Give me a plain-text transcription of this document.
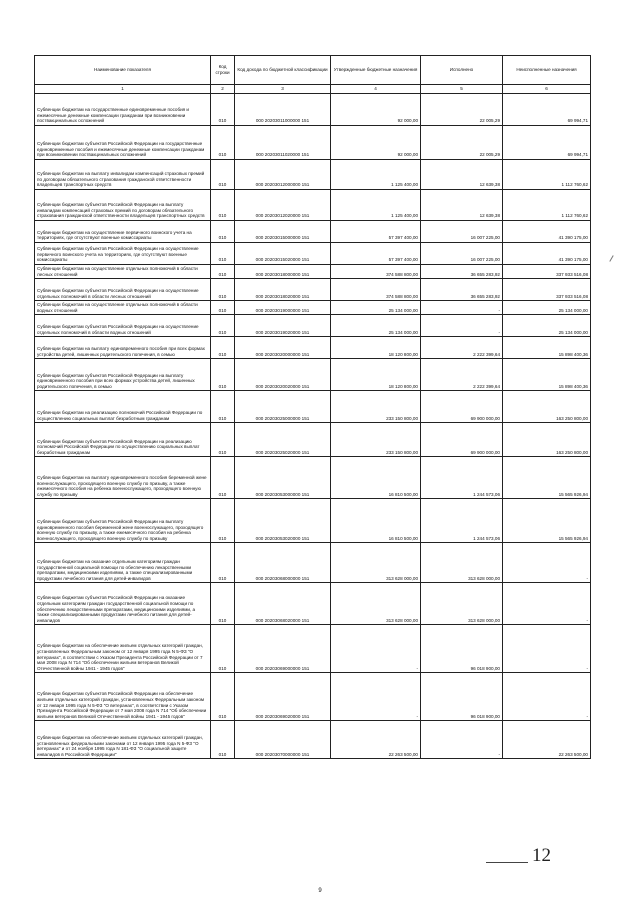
Наименование показателя	Код строки	Код дохода по бюджетной классификации	Утвержденные бюджетные назначения	Исполнено	Неисполненные назначения
1	2	3	4	5	6
Субвенции бюджетам на государственные единовременные пособия и ежемесячные денежные компенсации гражданам при возникновении поствакцинальных осложнений	010	000 20203011000000 151	92 000,00	22 005,29	69 994,71
Субвенции бюджетам субъектов Российской Федерации на государственные единовременные пособия и ежемесячные денежные компенсации гражданам при возникновении поствакцинальных осложнений	010	000 20203011020000 151	92 000,00	22 005,29	69 994,71
Субвенции бюджетам на выплату инвалидам компенсаций страховых премий по договорам обязательного страхования гражданской ответственности владельцев транспортных средств	010	000 20203012000000 151	1 125 400,00	12 639,38	1 112 760,62
Субвенции бюджетам субъектов Российской Федерации на выплату инвалидам компенсаций страховых премий по договорам обязательного страхования гражданской ответственности владельцев транспортных средств	010	000 20203012020000 151	1 125 400,00	12 639,38	1 112 760,62
Субвенции бюджетам на осуществление первичного воинского учета на территориях, где отсутствуют военные комиссариаты	010	000 20203015000000 151	57 397 400,00	16 007 225,00	41 390 175,00
Субвенции бюджетам субъектов Российской Федерации на осуществление первичного воинского учета на территориях, где отсутствуют военные комиссариаты	010	000 20203015020000 151	57 397 400,00	16 007 225,00	41 390 175,00
Субвенции бюджетам на осуществление отдельных полномочий в области лесных отношений	010	000 20203018000000 151	374 588 800,00	36 655 283,92	337 933 516,08
Субвенции бюджетам субъектов Российской Федерации на осуществление отдельных полномочий в области лесных отношений	010	000 20203018020000 151	374 588 800,00	36 655 283,92	337 933 516,08
Субвенции бюджетам на осуществление отдельных полномочий в области водных отношений	010	000 20203019000000 151	25 134 000,00	-	25 134 000,00
Субвенции бюджетам субъектов Российской Федерации на осуществление отдельных полномочий в области водных отношений	010	000 20203019020000 151	25 134 000,00	-	25 134 000,00
Субвенции бюджетам на выплату единовременного пособия при всех формах устройства детей, лишенных родительского попечения, в семью	010	000 20203020000000 151	18 120 800,00	2 222 399,64	15 898 400,36
Субвенции бюджетам субъектов Российской Федерации на выплату единовременного пособия при всех формах устройства детей, лишенных родительского попечения, в семью	010	000 20203020020000 151	18 120 800,00	2 222 399,64	15 898 400,36
Субвенции бюджетам на реализацию полномочий Российской Федерации по осуществлению социальных выплат безработным гражданам	010	000 20203025000000 151	233 150 800,00	69 900 000,00	163 250 800,00
Субвенции бюджетам субъектов Российской Федерации на реализацию полномочий Российской Федерации по осуществлению социальных выплат безработным гражданам	010	000 20203025020000 151	233 150 800,00	69 900 000,00	163 250 800,00
Субвенции бюджетам на выплату единовременного пособия беременной жене военнослужащего, проходящего военную службу по призыву, а также ежемесячного пособия на ребенка военнослужащего, проходящего военную службу по призыву	010	000 20203053000000 151	16 810 500,00	1 244 573,06	15 565 926,94
Субвенции бюджетам субъектов Российской Федерации на выплату единовременного пособия беременной жене военнослужащего, проходящего военную службу по призыву, а также ежемесячного пособия на ребенка военнослужащего, проходящего военную службу по призыву	010	000 20203053020000 151	16 810 500,00	1 244 573,06	15 565 926,94
Субвенции бюджетам на оказание отдельным категориям граждан государственной социальной помощи по обеспечению лекарственными препаратами, медицинскими изделиями, а также специализированными продуктами лечебного питания для детей-инвалидов	010	000 20203068000000 151	313 628 000,00	313 628 000,00	-
Субвенции бюджетам субъектов Российской Федерации на оказание отдельным категориям граждан государственной социальной помощи по обеспечению лекарственными препаратами, медицинскими изделиями, а также специализированными продуктами лечебного питания для детей-инвалидов	010	000 20203068020000 151	313 628 000,00	313 628 000,00	-
Субвенции бюджетам на обеспечение жильем отдельных категорий граждан, установленных Федеральным законом от 12 января 1995 года N 5-ФЗ "О ветеранах", в соответствии с Указом Президента Российской Федерации от 7 мая 2008 года N 714 "Об обеспечении жильем ветеранов Великой Отечественной войны 1941 - 1945 годов"	010	000 20203069000000 151	-	96 018 900,00	-
Субвенции бюджетам субъектов Российской Федерации на обеспечение жильем отдельных категорий граждан, установленных Федеральным законом от 12 января 1995 года N 5-ФЗ "О ветеранах", в соответствии с Указом Президента Российской Федерации от 7 мая 2008 года N 714 "Об обеспечении жильем ветеранов Великой Отечественной войны 1941 - 1945 годов"	010	000 20203069020000 151	-	96 018 900,00	-
Субвенции бюджетам на обеспечение жильем отдельных категорий граждан, установленных федеральными законами от 12 января 1995 года N 5-ФЗ "О ветеранах" и от 24 ноября 1995 года N 181-ФЗ "О социальной защите инвалидов в Российской Федерации"	010	000 20203070000000 151	22 263 500,00	-	22 263 500,00
12
9
